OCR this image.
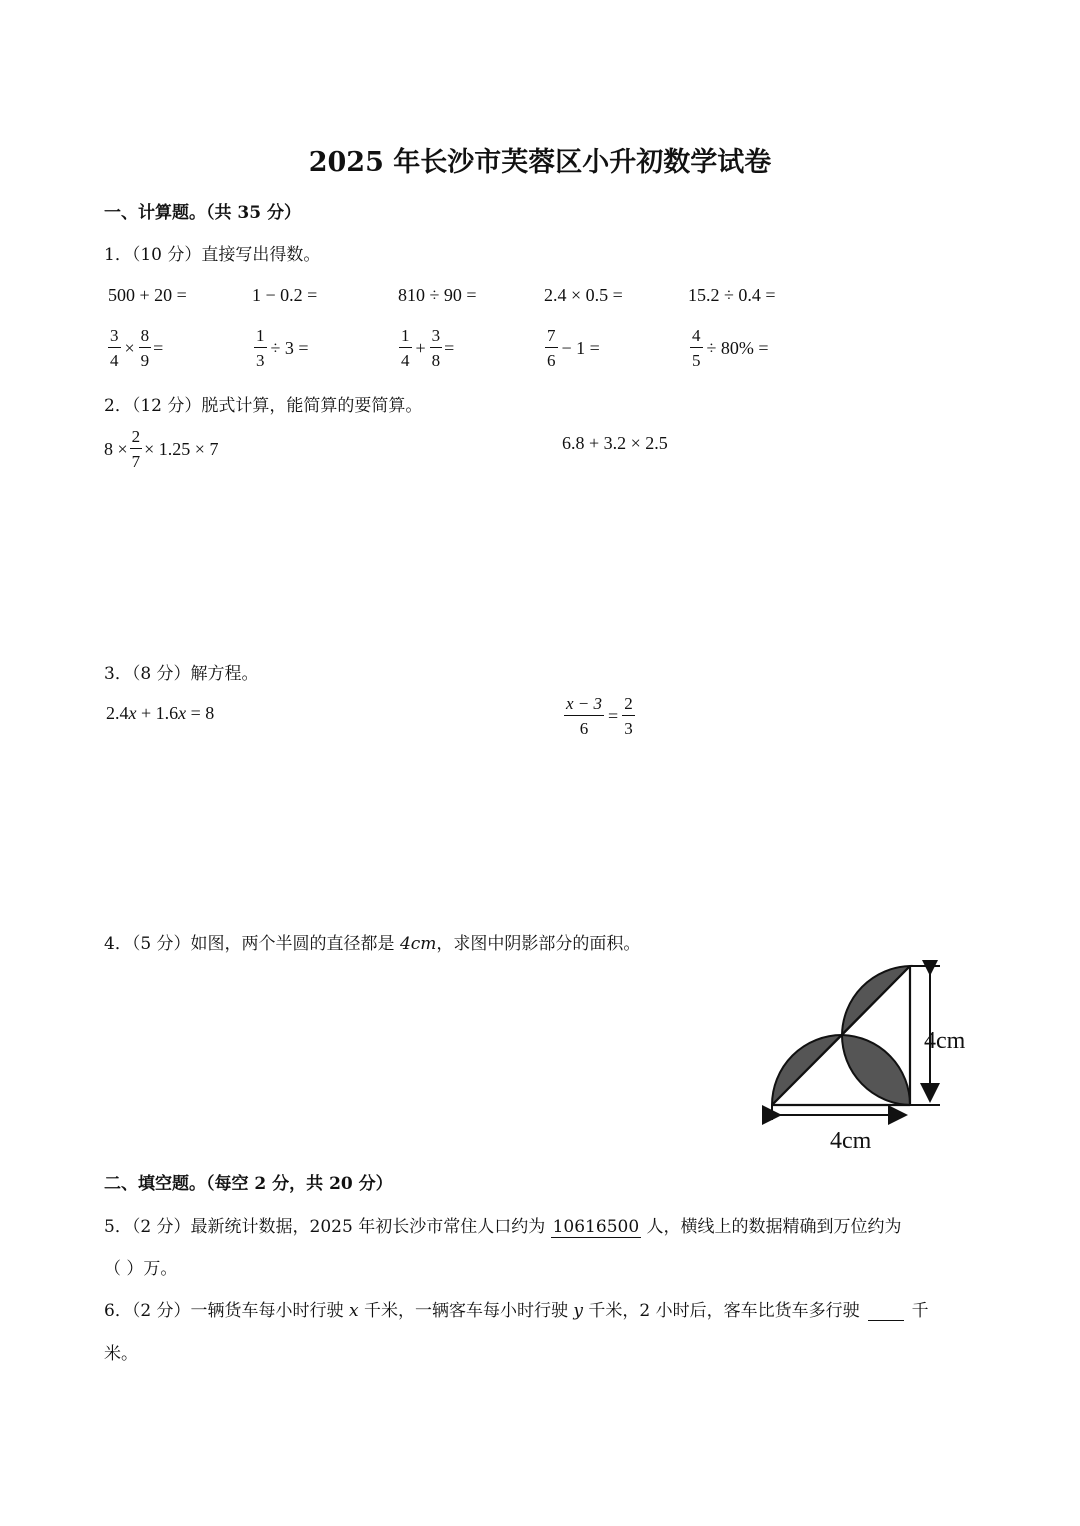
2025 年长沙市芙蓉区小升初数学试卷
一、计算题。（共 35 分）
1．（10 分）直接写出得数。
500 + 20 =	1 − 0.2 =	810 ÷ 90 =	2.4 × 0.5 =	15.2 ÷ 0.4 =
$\frac{3}{4} \times \frac{8}{9}$ =	$\frac{1}{3} \div 3$ =	$\frac{1}{4} + \frac{3}{8}$ =	$\frac{7}{6} - 1$ =	$\frac{4}{5} \div 80\%$ =
2．（12 分）脱式计算，能简算的要简算。
$8 \times \frac{2}{7} \times 1.25 \times 7$	6.8 + 3.2 × 2.5
3．（8 分）解方程。
2.4x + 1.6x = 8	$\frac{x - 3}{6} = \frac{2}{3}$
4．（5 分）如图，两个半圆的直径都是 4cm，求图中阴影部分的面积。
4cm
4cm
二、填空题。（每空 2 分，共 20 分）
5．（2 分）最新统计数据，2025 年初长沙市常住人口约为 10616500 人，横线上的数据精确到万位约为
（ ）万。
6．（2 分）一辆货车每小时行驶 x 千米，一辆客车每小时行驶 y 千米，2 小时后，客车比货车多行驶	千
米。
